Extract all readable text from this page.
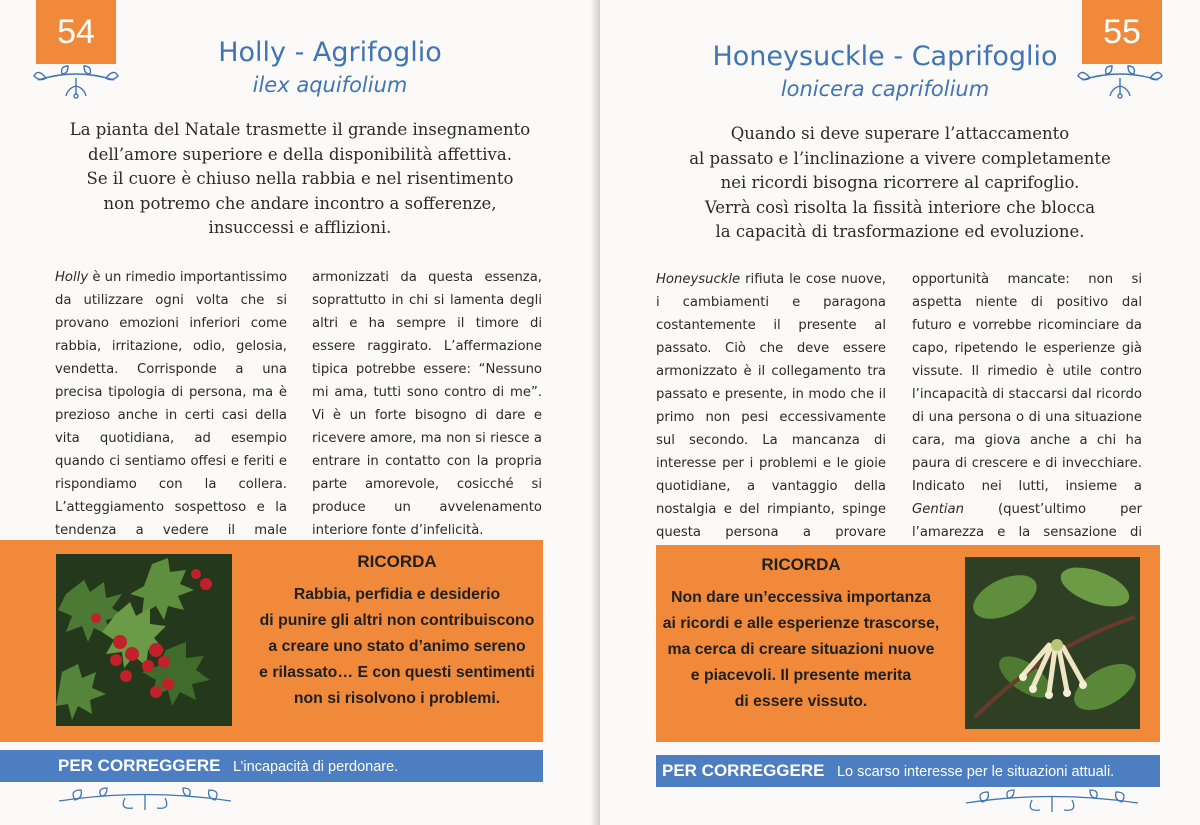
54
Holly - Agrifoglio
ilex aquifolium
La pianta del Natale trasmette il grande insegnamento
dell’amore superiore e della disponibilità affettiva.
Se il cuore è chiuso nella rabbia e nel risentimento
non potremo che andare incontro a sofferenze,
insuccessi e afflizioni.
Holly è un rimedio importantissimo da utilizzare ogni volta che si provano emozioni inferiori come rabbia, irritazione, odio, gelosia, vendetta. Corrisponde a una precisa tipologia di persona, ma è prezioso anche in certi casi della vita quotidiana, ad esempio quando ci sentiamo offesi e feriti e rispondiamo con la collera. L’atteggiamento sospettoso e la tendenza a vedere il male
armonizzati da questa essenza, soprattutto in chi si lamenta degli altri e ha sempre il timore di essere raggirato. L’affermazione tipica potrebbe essere: “Nessuno mi ama, tutti sono contro di me”. Vi è un forte bisogno di dare e ricevere amore, ma non si riesce a entrare in contatto con la propria parte amorevole, cosicché si produce un avvelenamento interiore fonte d’infelicità.
RICORDA
Rabbia, perfidia e desiderio
di punire gli altri non contribuiscono
a creare uno stato d’animo sereno
e rilassato… E con questi sentimenti
non si risolvono i problemi.
PER CORREGGERE L’incapacità di perdonare.
55
Honeysuckle - Caprifoglio
lonicera caprifolium
Quando si deve superare l’attaccamento
al passato e l’inclinazione a vivere completamente
nei ricordi bisogna ricorrere al caprifoglio.
Verrà così risolta la fissità interiore che blocca
la capacità di trasformazione ed evoluzione.
Honeysuckle rifiuta le cose nuove, i cambiamenti e paragona costantemente il presente al passato. Ciò che deve essere armonizzato è il collegamento tra passato e presente, in modo che il primo non pesi eccessivamente sul secondo. La mancanza di interesse per i problemi e le gioie quotidiane, a vantaggio della nostalgia e del rimpianto, spinge questa persona a provare
opportunità mancate: non si aspetta niente di positivo dal futuro e vorrebbe ricominciare da capo, ripetendo le esperienze già vissute. Il rimedio è utile contro l’incapacità di staccarsi dal ricordo di una persona o di una situazione cara, ma giova anche a chi ha paura di crescere e di invecchiare. Indicato nei lutti, insieme a Gentian	(quest’ultimo per l’amarezza e la sensazione di
RICORDA
Non dare un’eccessiva importanza
ai ricordi e alle esperienze trascorse,
ma cerca di creare situazioni nuove
e piacevoli. Il presente merita
di essere vissuto.
PER CORREGGERE Lo scarso interesse per le situazioni attuali.
